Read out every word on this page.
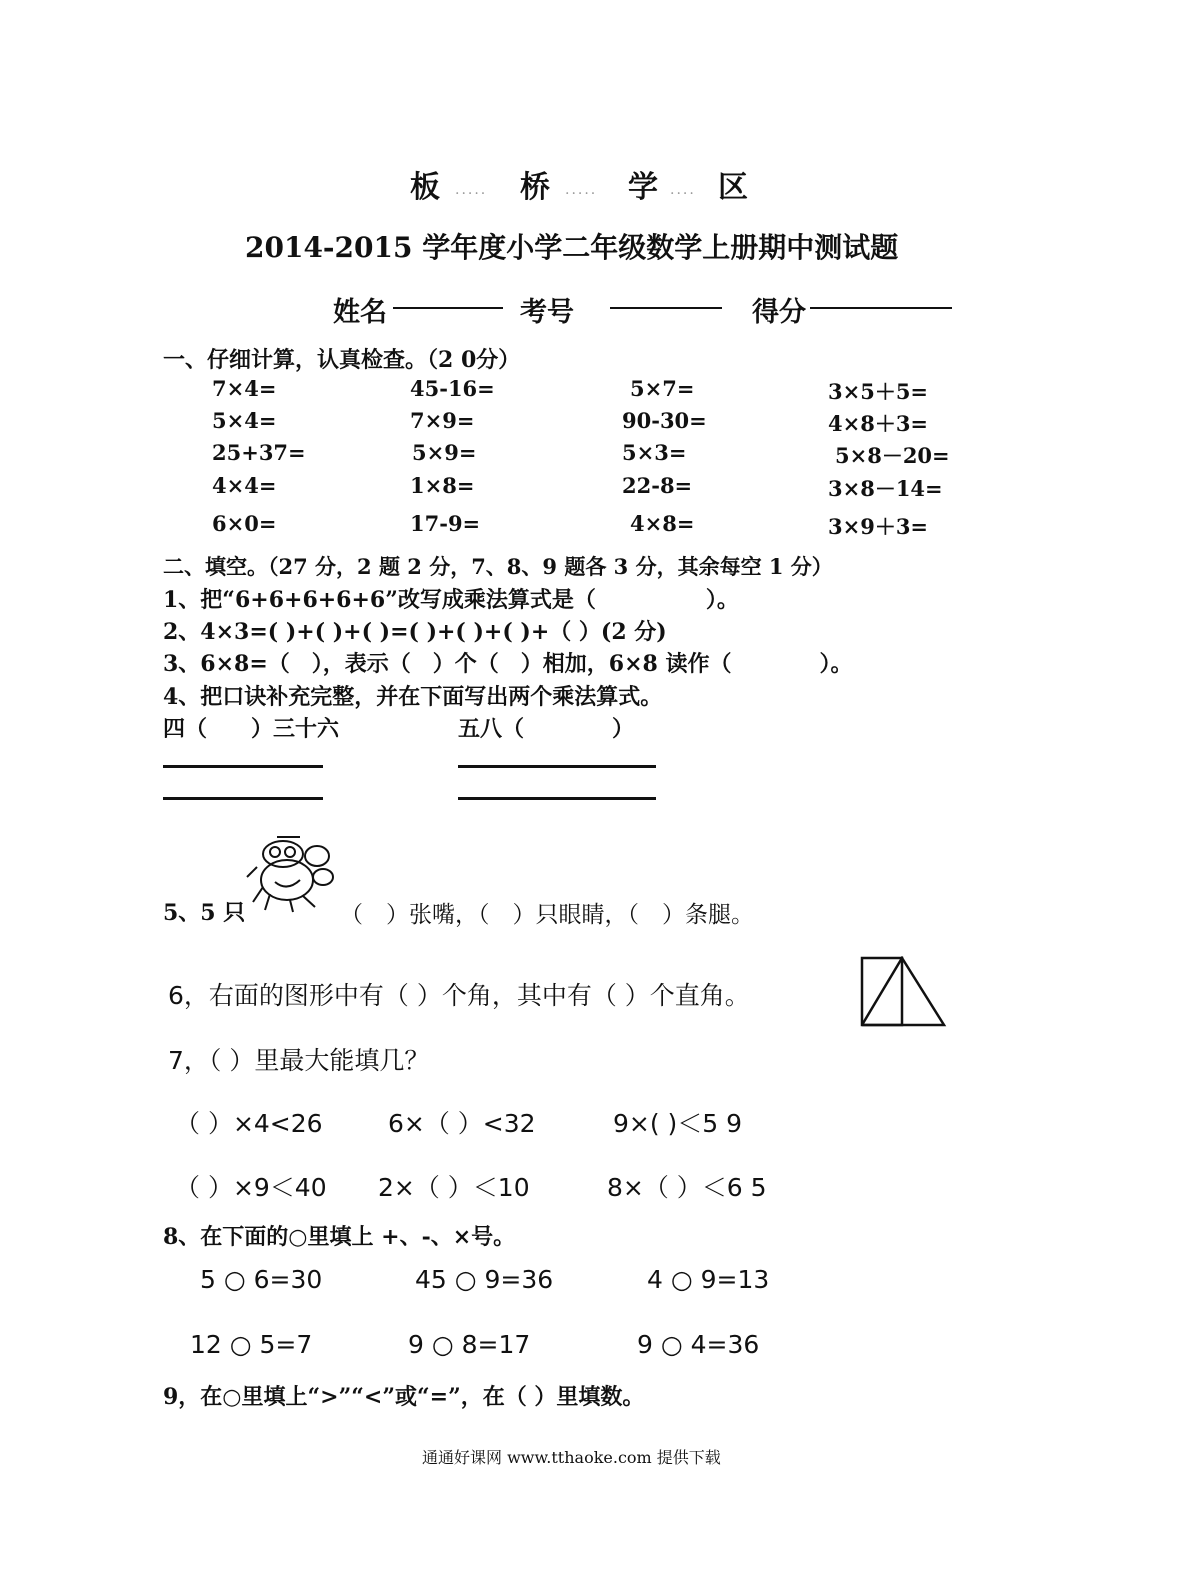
板 ..... 桥 ..... 学 .... 区
2014-2015 学年度小学二年级数学上册期中测试题
姓名	考号	得分
一、仔细计算，认真检查。（2 0分）
7×4=	45-16=	5×7=	3×5＋5=
5×4=	7×9=	90-30=	4×8＋3=
25+37=	5×9=	5×3=	5×8－20=
4×4=	1×8=	22-8=	3×8－14=
6×0=	17-9=	4×8=	3×9＋3=
二、填空。（27 分，2 题 2 分，7、8、9 题各 3 分，其余每空 1 分）
1、把“6+6+6+6+6”改写成乘法算式是（　　　　　）。
2、4×3=( )+( )+( )=( )+( )+( )+（ ）(2 分)
3、6×8=（　），表示（　）个（　）相加，6×8 读作（　　　　）。
4、把口诀补充完整，并在下面写出两个乘法算式。
四（　　）三十六	五八（　　　　）
5、5 只	（　）张嘴，（　）只眼睛，（　）条腿。
6，右面的图形中有（ ）个角，其中有（ ）个直角。
7，（ ）里最大能填几？
（ ）×4<26	6×（ ）<32	9×( )＜5 9
（ ）×9＜40 2×（ ）＜10	8×（ ）＜6 5
8、在下面的○里填上 +、-、×号。
5 ○ 6=30	45 ○ 9=36	4 ○ 9=13
12 ○ 5=7	9 ○ 8=17	9 ○ 4=36
9，在○里填上“>”“<”或“=”，在（ ）里填数。
通通好课网 www.tthaoke.com 提供下载
